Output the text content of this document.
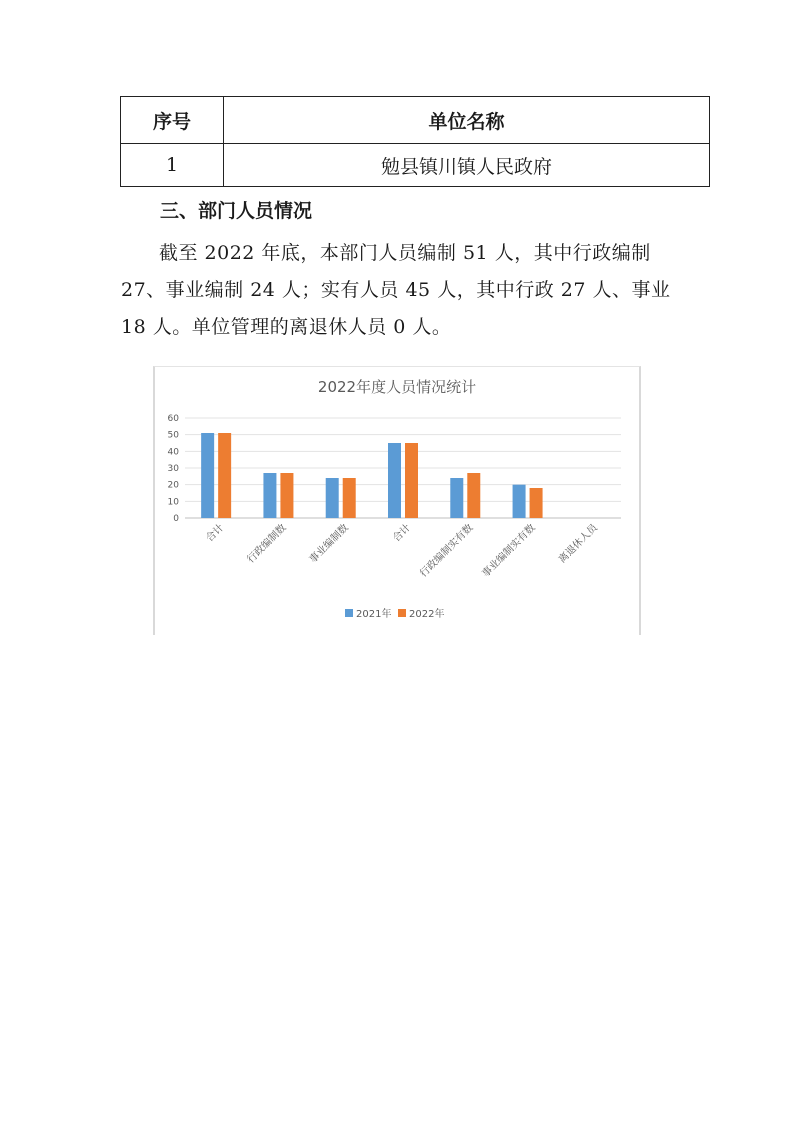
序号	单位名称
1	勉县镇川镇人民政府
三、部门人员情况

截至 2022 年底，本部门人员编制 51 人，其中行政编制 27、事业编制 24 人；实有人员 45 人，其中行政 27 人、事业 18 人。单位管理的离退休人员 0 人。

2022年度人员情况统计
0
10
20
30
40
50
60
合计 行政编制数 事业编制数	合计 行政编制实有数 事业编制实有数 离退休人员
2021年 2022年
